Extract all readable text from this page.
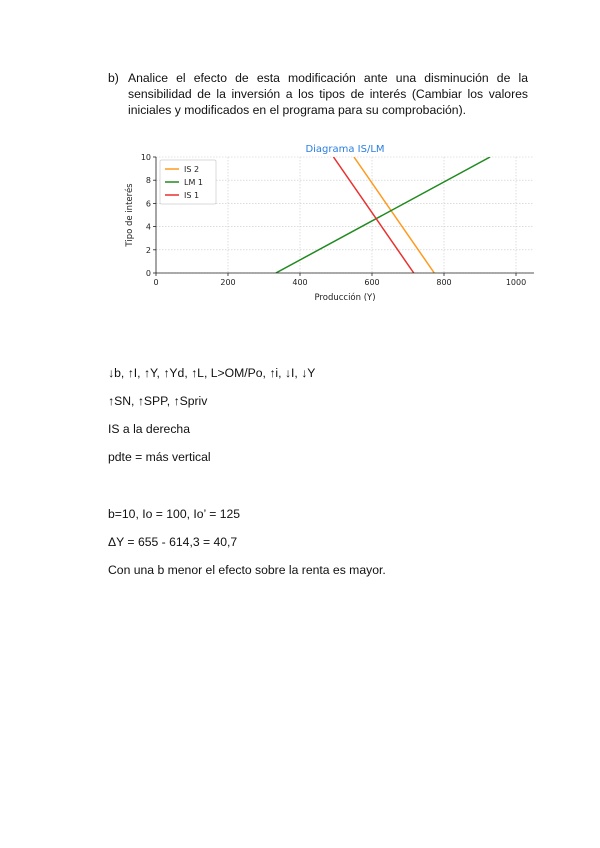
b) Analice el efecto de esta modificación ante una disminución de la sensibilidad de la inversión a los tipos de interés (Cambiar los valores iniciales y modificados en el programa para su comprobación).
0	200	400	600	800	1000
0
2
4
6
8
10
Diagrama IS/LM
Producción (Y)
Tipo de interés
IS 2
LM 1
IS 1
↓b, ↑I, ↑Y, ↑Yd, ↑L, L>OM/Po, ↑i, ↓I, ↓Y
↑SN, ↑SPP, ↑Spriv
IS a la derecha
pdte = más vertical
b=10, Io = 100, Io’ = 125
ΔY = 655 - 614,3 = 40,7
Con una b menor el efecto sobre la renta es mayor.
